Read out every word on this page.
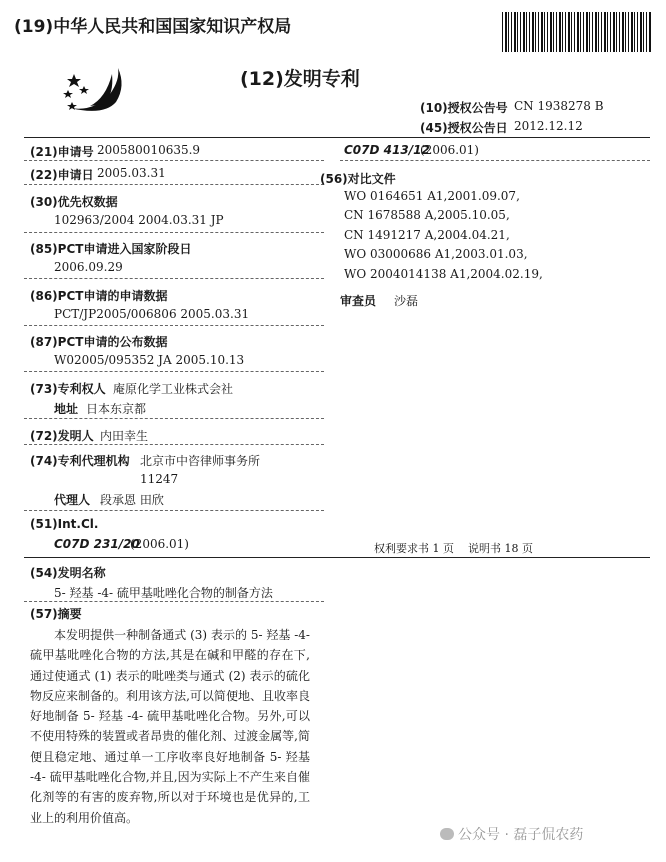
(19)中华人民共和国国家知识产权局
(12)发明专利
(10)授权公告号 CN 1938278 B
(45)授权公告日 2012.12.12
(21)申请号 200580010635.9
(22)申请日 2005.03.31
(30)优先权数据
102963/2004 2004.03.31 JP
(85)PCT申请进入国家阶段日
2006.09.29
(86)PCT申请的申请数据
PCT/JP2005/006806 2005.03.31
(87)PCT申请的公布数据
W02005/095352 JA 2005.10.13
(73)专利权人 庵原化学工业株式会社
地址 日本东京都
(72)发明人 内田幸生
(74)专利代理机构 北京市中咨律师事务所
11247
代理人 段承恩 田欣
(51)Int.Cl.
C07D 231/20
(2006.01)
C07D 413/12
(2006.01)
(56)对比文件
WO 0164651 A1,2001.09.07,
CN 1678588 A,2005.10.05,
CN 1491217 A,2004.04.21,
WO 03000686 A1,2003.01.03,
WO 2004014138 A1,2004.02.19,
审查员 沙磊
权利要求书 1 页 说明书 18 页
(54)发明名称
5- 羟基 -4- 硫甲基吡唑化合物的制备方法
(57)摘要
本发明提供一种制备通式 (3) 表示的 5- 羟基 -4- 硫甲基吡唑化合物的方法,其是在碱和甲醛的存在下,通过使通式 (1) 表示的吡唑类与通式 (2) 表示的硫化物反应来制备的。利用该方法,可以简便地、且收率良好地制备 5- 羟基 -4- 硫甲基吡唑化合物。另外,可以不使用特殊的装置或者昂贵的催化剂、过渡金属等,简便且稳定地、通过单一工序收率良好地制备 5- 羟基 -4- 硫甲基吡唑化合物,并且,因为实际上不产生来自催化剂等的有害的废弃物,所以对于环境也是优异的,工业上的利用价值高。
公众号 · 磊子侃农药
